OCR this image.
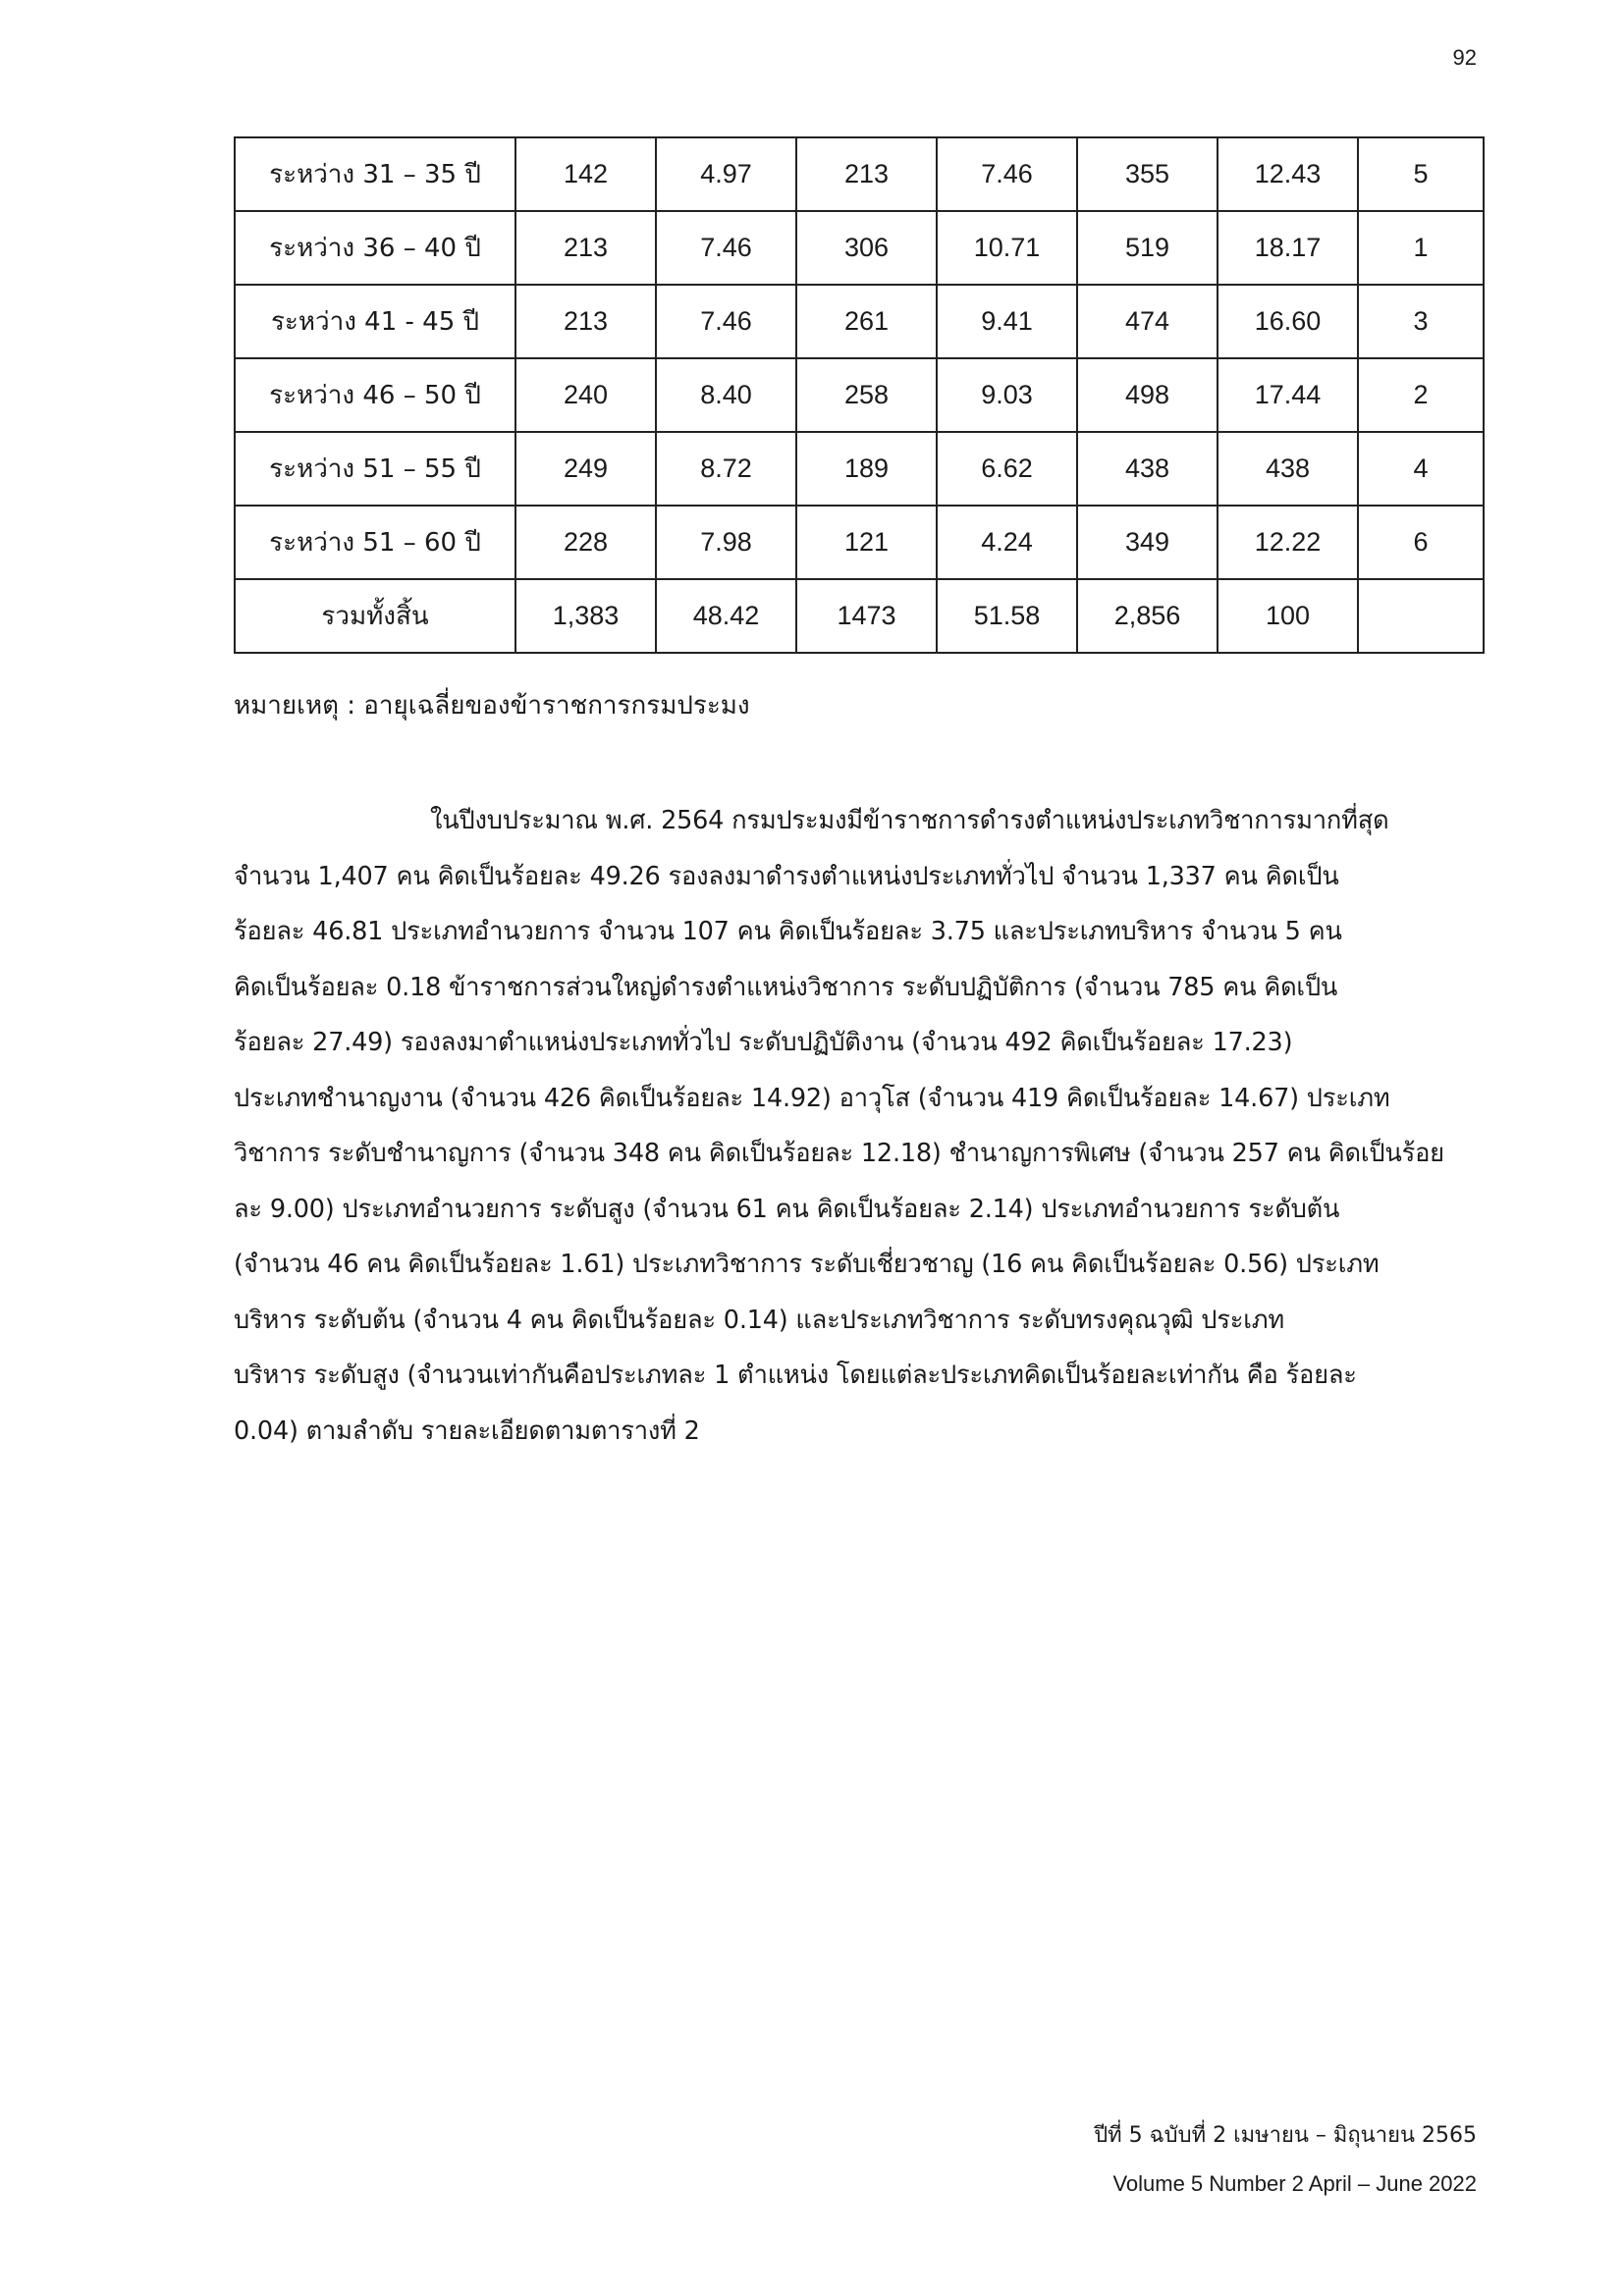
92
ระหว่าง 31 – 35 ปี	142	4.97	213	7.46	355	12.43	5
ระหว่าง 36 – 40 ปี	213	7.46	306	10.71	519	18.17	1
ระหว่าง 41 - 45 ปี	213	7.46	261	9.41	474	16.60	3
ระหว่าง 46 – 50 ปี	240	8.40	258	9.03	498	17.44	2
ระหว่าง 51 – 55 ปี	249	8.72	189	6.62	438	438	4
ระหว่าง 51 – 60 ปี	228	7.98	121	4.24	349	12.22	6
รวมทั้งสิ้น	1,383	48.42	1473	51.58	2,856	100	
หมายเหตุ : อายุเฉลี่ยของข้าราชการกรมประมง
ในปีงบประมาณ พ.ศ. 2564 กรมประมงมีข้าราชการดำรงตำแหน่งประเภทวิชาการมากที่สุด
จำนวน 1,407 คน คิดเป็นร้อยละ 49.26 รองลงมาดำรงตำแหน่งประเภททั่วไป จำนวน 1,337 คน คิดเป็น
ร้อยละ 46.81 ประเภทอำนวยการ จำนวน 107 คน คิดเป็นร้อยละ 3.75 และประเภทบริหาร จำนวน 5 คน
คิดเป็นร้อยละ 0.18 ข้าราชการส่วนใหญ่ดำรงตำแหน่งวิชาการ ระดับปฏิบัติการ (จำนวน 785 คน คิดเป็น
ร้อยละ 27.49) รองลงมาตำแหน่งประเภททั่วไป ระดับปฏิบัติงาน (จำนวน 492 คิดเป็นร้อยละ 17.23)
ประเภทชำนาญงาน (จำนวน 426 คิดเป็นร้อยละ 14.92) อาวุโส (จำนวน 419 คิดเป็นร้อยละ 14.67) ประเภท
วิชาการ ระดับชำนาญการ (จำนวน 348 คน คิดเป็นร้อยละ 12.18) ชำนาญการพิเศษ (จำนวน 257 คน คิดเป็นร้อย
ละ 9.00) ประเภทอำนวยการ ระดับสูง (จำนวน 61 คน คิดเป็นร้อยละ 2.14) ประเภทอำนวยการ ระดับต้น
(จำนวน 46 คน คิดเป็นร้อยละ 1.61) ประเภทวิชาการ ระดับเชี่ยวชาญ (16 คน คิดเป็นร้อยละ 0.56) ประเภท
บริหาร ระดับต้น (จำนวน 4 คน คิดเป็นร้อยละ 0.14) และประเภทวิชาการ ระดับทรงคุณวุฒิ ประเภท
บริหาร ระดับสูง (จำนวนเท่ากันคือประเภทละ 1 ตำแหน่ง โดยแต่ละประเภทคิดเป็นร้อยละเท่ากัน คือ ร้อยละ
0.04) ตามลำดับ รายละเอียดตามตารางที่ 2
ปีที่ 5 ฉบับที่ 2 เมษายน – มิถุนายน 2565
Volume 5 Number 2 April – June 2022
